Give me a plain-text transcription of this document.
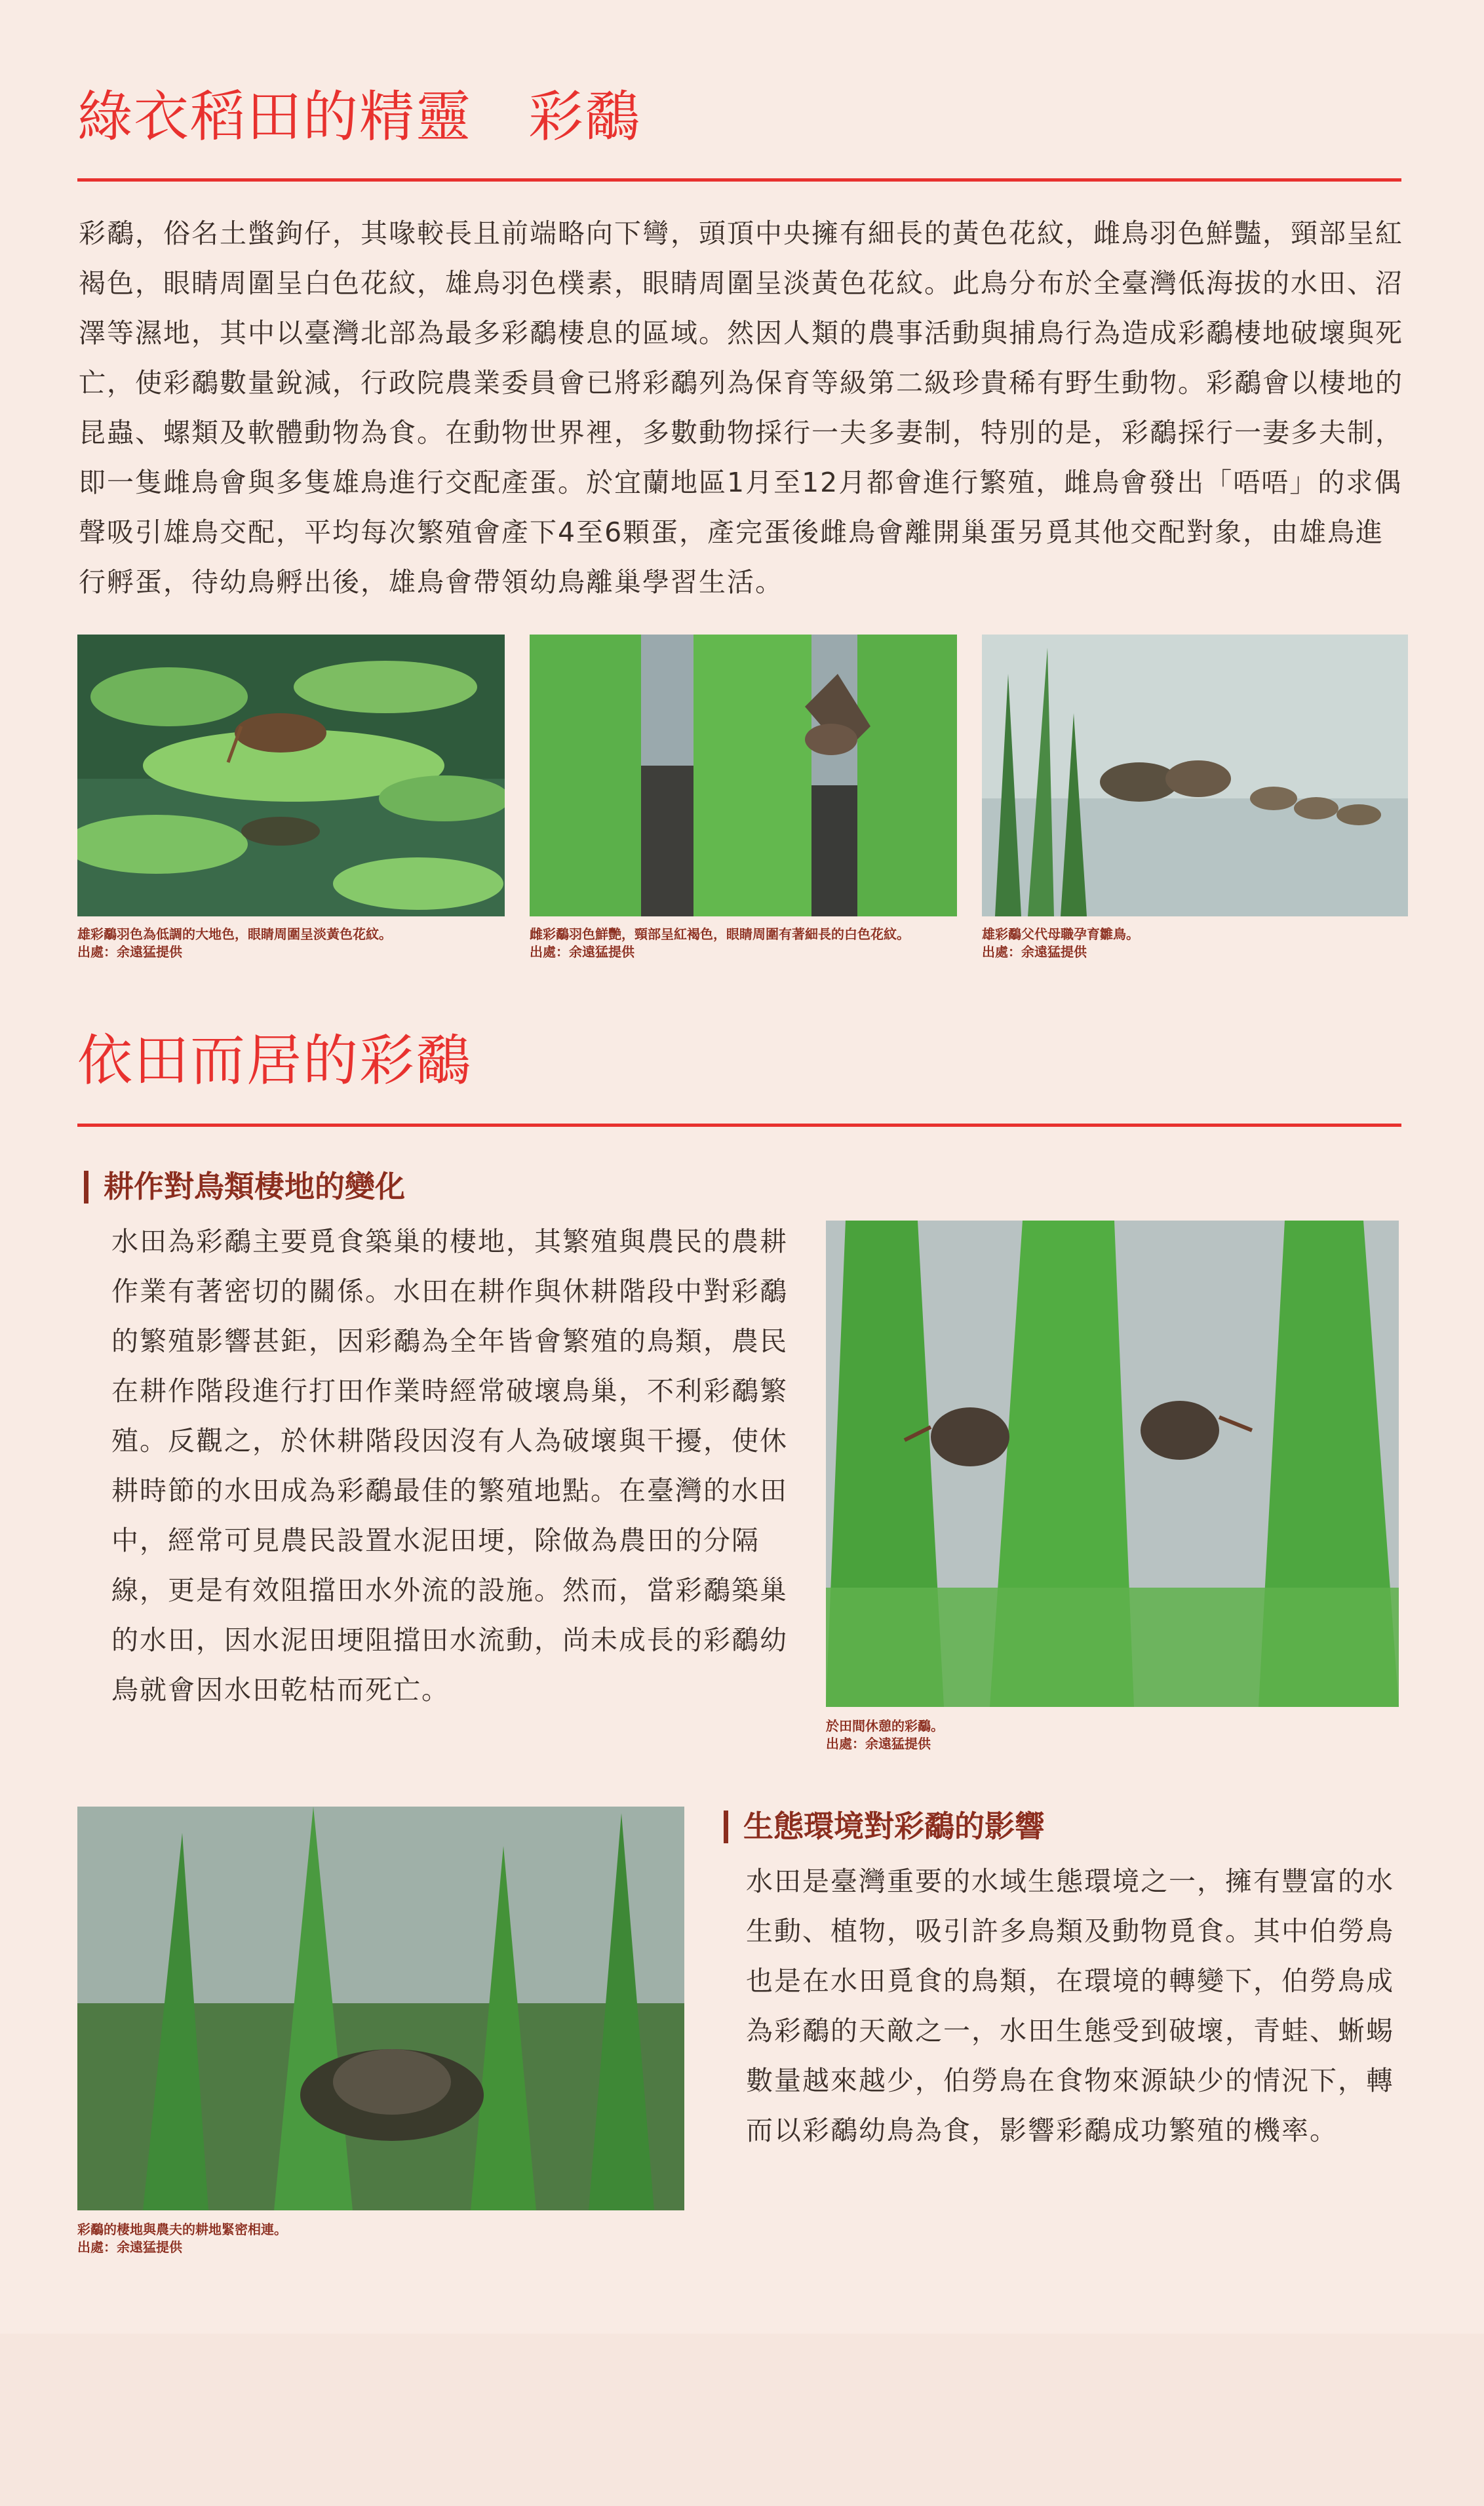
綠衣稻田的精靈　彩鷸

彩鷸，俗名土蟞鉤仔，其喙較長且前端略向下彎，頭頂中央擁有細長的黃色花紋，雌鳥羽色鮮豔，頸部呈紅褐色，眼睛周圍呈白色花紋，雄鳥羽色樸素，眼睛周圍呈淡黃色花紋。此鳥分布於全臺灣低海拔的水田、沼澤等濕地，其中以臺灣北部為最多彩鷸棲息的區域。然因人類的農事活動與捕鳥行為造成彩鷸棲地破壞與死亡，使彩鷸數量銳減，行政院農業委員會已將彩鷸列為保育等級第二級珍貴稀有野生動物。彩鷸會以棲地的昆蟲、螺類及軟體動物為食。在動物世界裡，多數動物採行一夫多妻制，特別的是，彩鷸採行一妻多夫制，即一隻雌鳥會與多隻雄鳥進行交配產蛋。於宜蘭地區1月至12月都會進行繁殖，雌鳥會發出「唔唔」的求偶聲吸引雄鳥交配，平均每次繁殖會產下4至6顆蛋，產完蛋後雌鳥會離開巢蛋另覓其他交配對象，由雄鳥進行孵蛋，待幼鳥孵出後，雄鳥會帶領幼鳥離巢學習生活。

雄彩鷸羽色為低調的大地色，眼睛周圍呈淡黃色花紋。
出處：余遠猛提供

雌彩鷸羽色鮮艷，頸部呈紅褐色，眼睛周圍有著細長的白色花紋。
出處：余遠猛提供

雄彩鷸父代母職孕育雛鳥。
出處：余遠猛提供

依田而居的彩鷸
耕作對鳥類棲地的變化

水田為彩鷸主要覓食築巢的棲地，其繁殖與農民的農耕作業有著密切的關係。水田在耕作與休耕階段中對彩鷸的繁殖影響甚鉅，因彩鷸為全年皆會繁殖的鳥類，農民在耕作階段進行打田作業時經常破壞鳥巢，不利彩鷸繁殖。反觀之，於休耕階段因沒有人為破壞與干擾，使休耕時節的水田成為彩鷸最佳的繁殖地點。在臺灣的水田中，經常可見農民設置水泥田埂，除做為農田的分隔線，更是有效阻擋田水外流的設施。然而，當彩鷸築巢的水田，因水泥田埂阻擋田水流動，尚未成長的彩鷸幼鳥就會因水田乾枯而死亡。

於田間休憩的彩鷸。
出處：余遠猛提供

彩鷸的棲地與農夫的耕地緊密相連。
出處：余遠猛提供

生態環境對彩鷸的影響

水田是臺灣重要的水域生態環境之一，擁有豐富的水生動、植物，吸引許多鳥類及動物覓食。其中伯勞鳥也是在水田覓食的鳥類，在環境的轉變下，伯勞鳥成為彩鷸的天敵之一，水田生態受到破壞，青蛙、蜥蜴數量越來越少，伯勞鳥在食物來源缺少的情況下，轉而以彩鷸幼鳥為食，影響彩鷸成功繁殖的機率。
